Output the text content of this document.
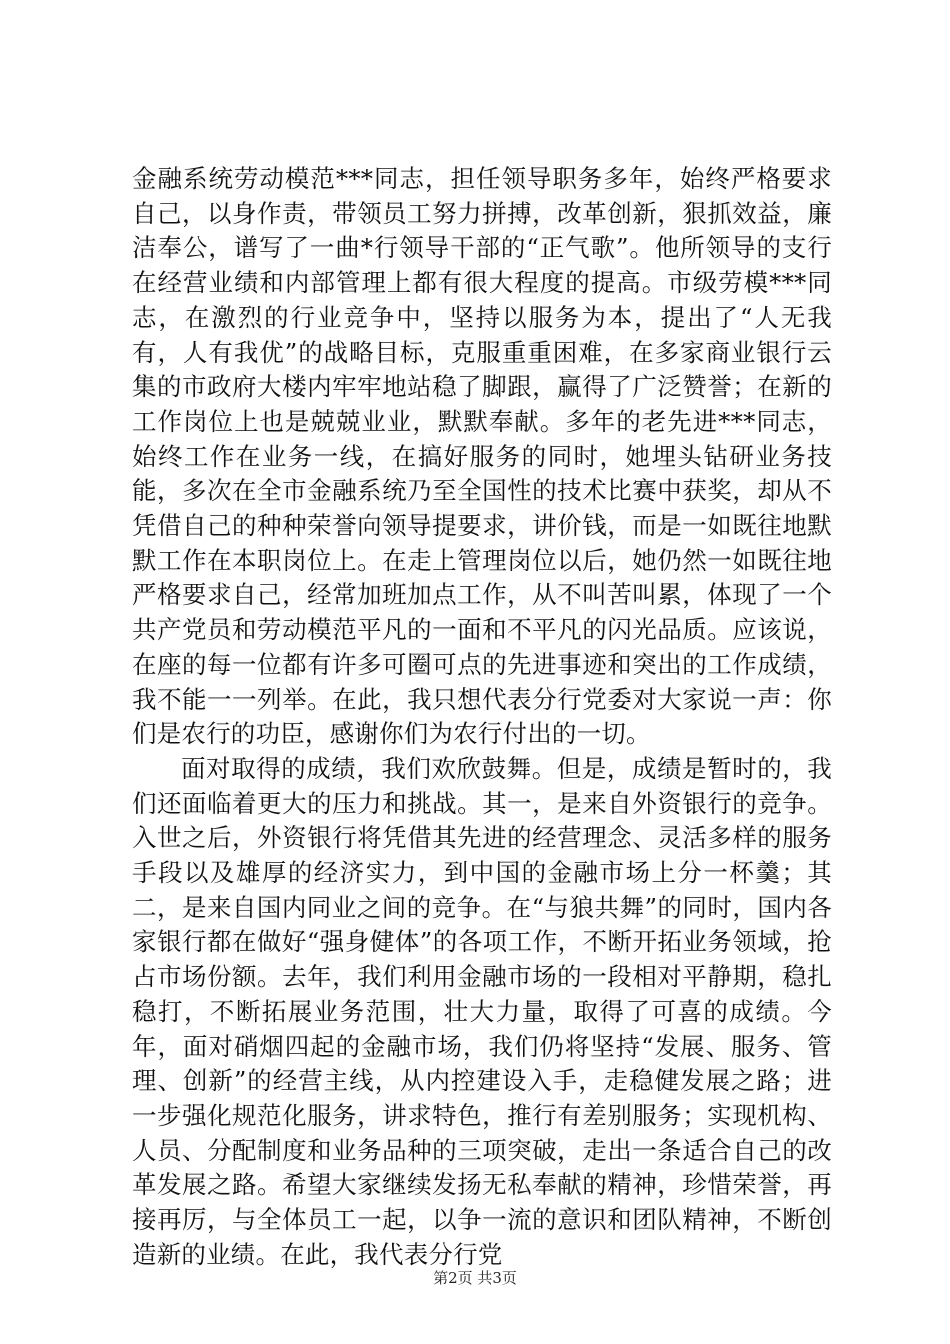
金融系统劳动模范***同志，担任领导职务多年，始终严格要求自己，以身作责，带领员工努力拼搏，改革创新，狠抓效益，廉洁奉公，谱写了一曲*行领导干部的“正气歌”。他所领导的支行在经营业绩和内部管理上都有很大程度的提高。市级劳模***同志，在激烈的行业竞争中，坚持以服务为本，提出了“人无我有，人有我优”的战略目标，克服重重困难，在多家商业银行云集的市政府大楼内牢牢地站稳了脚跟，赢得了广泛赞誉；在新的工作岗位上也是兢兢业业，默默奉献。多年的老先进***同志，始终工作在业务一线，在搞好服务的同时，她埋头钻研业务技能，多次在全市金融系统乃至全国性的技术比赛中获奖，却从不凭借自己的种种荣誉向领导提要求，讲价钱，而是一如既往地默默工作在本职岗位上。在走上管理岗位以后，她仍然一如既往地严格要求自己，经常加班加点工作，从不叫苦叫累，体现了一个共产党员和劳动模范平凡的一面和不平凡的闪光品质。应该说，在座的每一位都有许多可圈可点的先进事迹和突出的工作成绩，我不能一一列举。在此，我只想代表分行党委对大家说一声：你们是农行的功臣，感谢你们为农行付出的一切。

面对取得的成绩，我们欢欣鼓舞。但是，成绩是暂时的，我们还面临着更大的压力和挑战。其一，是来自外资银行的竞争。入世之后，外资银行将凭借其先进的经营理念、灵活多样的服务手段以及雄厚的经济实力，到中国的金融市场上分一杯羹；其二，是来自国内同业之间的竞争。在“与狼共舞”的同时，国内各家银行都在做好“强身健体”的各项工作，不断开拓业务领域，抢占市场份额。去年，我们利用金融市场的一段相对平静期，稳扎稳打，不断拓展业务范围，壮大力量，取得了可喜的成绩。今年，面对硝烟四起的金融市场，我们仍将坚持“发展、服务、管理、创新”的经营主线，从内控建设入手，走稳健发展之路；进一步强化规范化服务，讲求特色，推行有差别服务；实现机构、人员、分配制度和业务品种的三项突破，走出一条适合自己的改革发展之路。希望大家继续发扬无私奉献的精神，珍惜荣誉，再接再厉，与全体员工一起，以争一流的意识和团队精神，不断创造新的业绩。在此，我代表分行党

第2页 共3页
